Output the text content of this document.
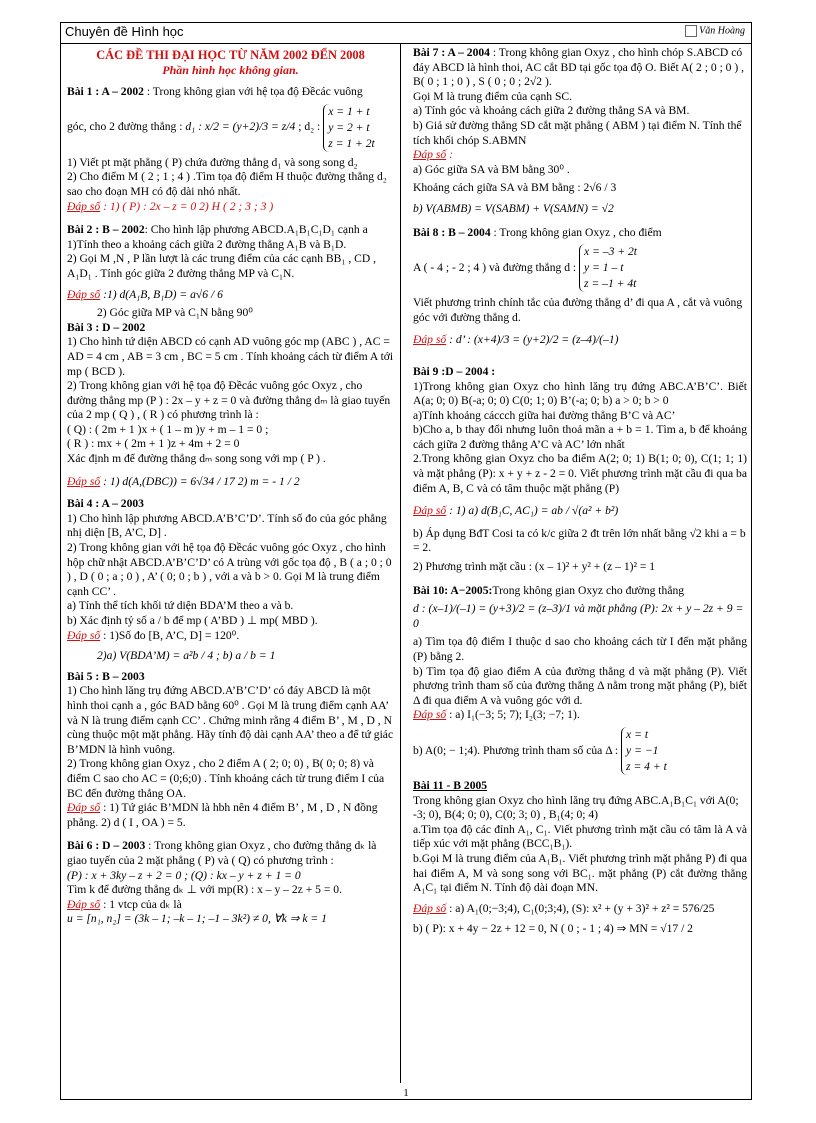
Chuyên đề Hình học	Văn Hoàng
CÁC ĐỀ THI ĐẠI HỌC TỪ NĂM 2002 ĐẾN 2008
Phần hình học không gian.

Bài 1 : A – 2002 : Trong không gian với hệ tọa độ Đềcác vuông

góc, cho 2 đường thẳng :
d₁ : x/2 = (y+2)/3 = z/4
; d₂ :

x = 1 + t
y = 2 + t
z = 1 + 2t

1) Viết pt mặt phẳng ( P) chứa đường thẳng d₁ và song song d₂

2) Cho điểm M ( 2 ; 1 ; 4 ) .Tìm tọa độ điểm H thuộc đường thẳng d₂ sao cho đoạn MH có độ dài nhỏ nhất.

Đáp số : 1) ( P) : 2x – z = 0 2) H ( 2 ; 3 ; 3 )

Bài 2 : B – 2002: Cho hình lập phương ABCD.A₁B₁C₁D₁ cạnh a

1)Tính theo a khoảng cách giữa 2 đường thẳng A₁B và B₁D.

2) Gọi M ,N , P lần lượt là các trung điểm của các cạnh BB₁ , CD , A₁D₁ . Tính góc giữa 2 đường thẳng MP và C₁N.

Đáp số :1) d(A₁B, B₁D) = a√6 / 6

2) Góc giữa MP và C₁N bằng 90⁰

Bài 3 : D – 2002

1) Cho hình tứ diện ABCD có cạnh AD vuông góc mp (ABC ) , AC = AD = 4 cm , AB = 3 cm , BC = 5 cm . Tính khoảng cách từ điểm A tới mp ( BCD ).

2) Trong không gian với hệ tọa độ Đềcác vuông góc Oxyz , cho đường thẳng mp (P ) : 2x – y + z = 0 và đường thẳng dₘ là giao tuyến của 2 mp ( Q ) , ( R ) có phương trình là :

( Q) : ( 2m + 1 )x + ( 1 – m )y + m – 1 = 0 ;

( R ) : mx + ( 2m + 1 )z + 4m + 2 = 0

Xác định m để đường thẳng dₘ song song với mp ( P ) .

Đáp số : 1) d(A,(DBC)) = 6√34 / 17 2) m = - 1 / 2

Bài 4 : A – 2003

1) Cho hình lập phương ABCD.A’B’C’D’. Tính số đo của góc phẳng nhị diện [B, A’C, D] .

2) Trong không gian với hệ tọa độ Đềcác vuông góc Oxyz , cho hình hộp chữ nhật ABCD.A’B’C’D’ có A trùng với gốc tọa độ , B ( a ; 0 ; 0 ) , D ( 0 ; a ; 0 ) , A’ ( 0; 0 ; b ) , với a và b > 0. Gọi M là trung điểm cạnh CC’ .

a) Tính thể tích khối tứ diện BDA’M theo a và b.

b) Xác định tỷ số a / b để mp ( A’BD ) ⊥ mp( MBD ).

Đáp số : 1)Số đo [B, A’C, D] = 120⁰.

2)a) V(BDA’M) = a²b / 4 ; b) a / b = 1

Bài 5 : B – 2003

1) Cho hình lăng trụ đứng ABCD.A’B’C’D’ có đáy ABCD là một hình thoi cạnh a , góc BAD bằng 60⁰ . Gọi M là trung điểm cạnh AA’ và N là trung điểm cạnh CC’ . Chứng minh rằng 4 điểm B’ , M , D , N cùng thuộc một mặt phẳng. Hãy tính độ dài cạnh AA’ theo a để tứ giác B’MDN là hình vuông.

2) Trong không gian Oxyz , cho 2 điểm A ( 2; 0; 0) , B( 0; 0; 8) và điểm C sao cho AC = (0;6;0) . Tính khoảng cách từ trung điểm I của BC đến đường thẳng OA.

Đáp số : 1) Tứ giác B’MDN là hbh nên 4 điểm B’ , M , D , N đồng phẳng. 2) d ( I , OA ) = 5.

Bài 6 : D – 2003 : Trong không gian Oxyz , cho đường thẳng dₖ là giao tuyến của 2 mặt phẳng ( P) và ( Q) có phương trình :

(P) : x + 3ky – z + 2 = 0 ; (Q) : kx – y + z + 1 = 0

Tìm k để đường thẳng dₖ ⊥ với mp(R) : x – y – 2z + 5 = 0.

Đáp số : 1 vtcp của dₖ là

u = [n₁, n₂] = (3k – 1; –k – 1; –1 – 3k²) ≠ 0, ∀k ⇒ k = 1

Bài 7 : A – 2004 : Trong không gian Oxyz , cho hình chóp S.ABCD có đáy ABCD là hình thoi, AC cắt BD tại gốc tọa độ O. Biết A( 2 ; 0 ; 0 ) , B( 0 ; 1 ; 0 ) , S ( 0 ; 0 ; 2√2 ).

Gọi M là trung điểm của cạnh SC.

a) Tính góc và khoảng cách giữa 2 đường thẳng SA và BM.

b) Giả sử đường thẳng SD cắt mặt phẳng ( ABM ) tại điểm N. Tính thể tích khối chóp S.ABMN

Đáp số :

a) Góc giữa SA và BM bằng 30⁰ .

Khoảng cách giữa SA và BM bằng : 2√6 / 3

b) V(ABMB) = V(SABM) + V(SAMN) = √2

Bài 8 : B – 2004 : Trong không gian Oxyz , cho điểm

A ( - 4 ; - 2 ; 4 ) và đường thẳng d :

x = –3 + 2t
y = 1 – t
z = –1 + 4t

Viết phương trình chính tắc của đường thẳng d’ đi qua A , cắt và vuông góc với đường thẳng d.

Đáp số : d’ : (x+4)/3 = (y+2)/2 = (z–4)/(–1)

Bài 9 :D – 2004 :

1)Trong không gian Oxyz cho hình lăng trụ đứng ABC.A’B’C’. Biết A(a; 0; 0) B(-a; 0; 0) C(0; 1; 0) B’(-a; 0; b) a > 0; b > 0

a)Tính khoảng cáccch giữa hai đường thẳng B’C và AC’

b)Cho a, b thay đổi nhưng luôn thoả mãn a + b = 1. Tìm a, b để khoảng cách giữa 2 đường thẳng A’C và AC’ lớn nhất

2.Trong không gian Oxyz cho ba điểm A(2; 0; 1) B(1; 0; 0), C(1; 1; 1) và mặt phẳng (P): x + y + z - 2 = 0. Viết phương trình mặt cầu đi qua ba điểm A, B, C và có tâm thuộc mặt phẳng (P)

Đáp số : 1) a) d(B₁C, AC₁) = ab / √(a² + b²)

b) Áp dụng BđT Cosi ta có k/c giữa 2 đt trên lớn nhất bằng √2 khi a = b = 2.

2) Phương trình mặt cầu : (x – 1)² + y² + (z – 1)² = 1

Bài 10: A−2005:Trong không gian Oxyz cho đường thẳng

d : (x–1)/(–1) = (y+3)/2 = (z–3)/1 và mặt phẳng (P): 2x + y – 2z + 9 = 0

a) Tìm tọa độ điểm I thuộc d sao cho khoảng cách từ I đến mặt phẳng (P) bằng 2.

b) Tìm tọa độ giao điểm A của đường thẳng d và mặt phẳng (P). Viết phương trình tham số của đường thẳng Δ nằm trong mặt phẳng (P), biết Δ đi qua điểm A và vuông góc với d.

Đáp số : a) I₁(−3; 5; 7); I₂(3; −7; 1).

b) A(0; − 1;4). Phương trình tham số của Δ :

x = t
y = −1
z = 4 + t

Bài 11 - B 2005

Trong không gian Oxyz cho hình lăng trụ đứng ABC.A₁B₁C₁ với A(0; -3; 0), B(4; 0; 0), C(0; 3; 0) , B₁(4; 0; 4)

a.Tìm tọa độ các đỉnh A₁, C₁. Viết phương trình mặt cầu có tâm là A và tiếp xúc với mặt phẳng (BCC₁B₁).

b.Gọi M là trung điểm của A₁B₁. Viết phương trình mặt phẳng P) đi qua hai điểm A, M và song song với BC₁. mặt phẳng (P) cắt đường thẳng A₁C₁ tại điểm N. Tính độ dài đoạn MN.

Đáp số : a) A₁(0;−3;4), C₁(0;3;4), (S): x² + (y + 3)² + z² = 576/25

b) ( P): x + 4y − 2z + 12 = 0, N ( 0 ; - 1 ; 4) ⇒ MN = √17 / 2

1
